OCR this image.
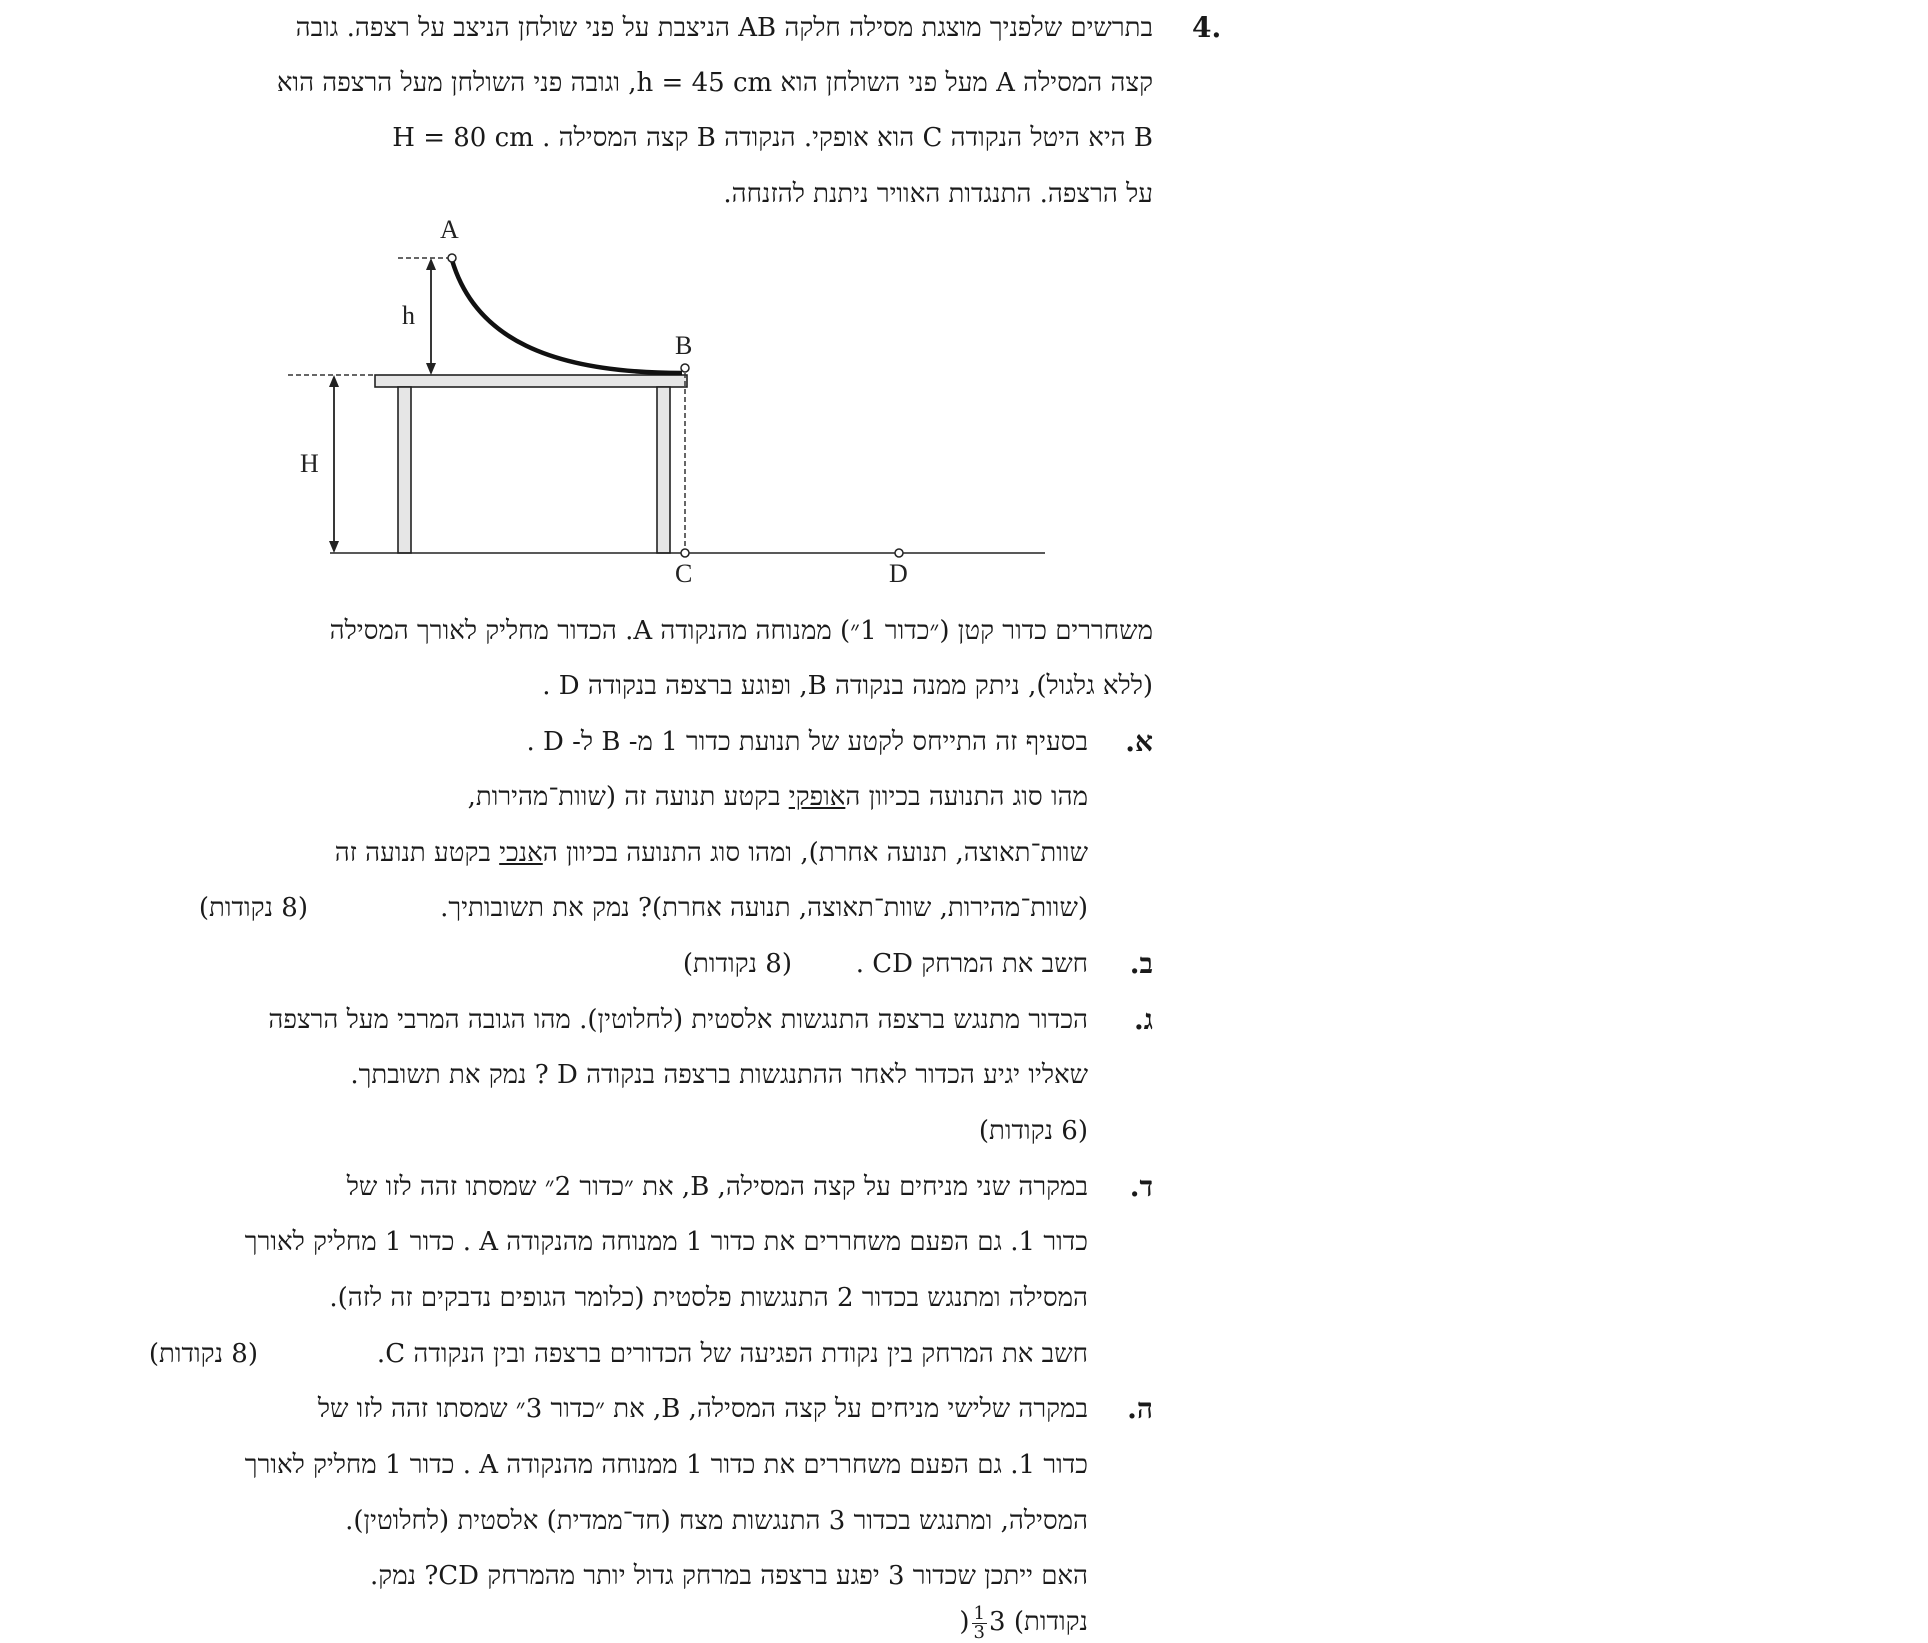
4.
בתרשים שלפניך מוצגת מסילה חלקה AB הניצבת על פני שולחן הניצב על רצפה. גובה
קצה המסילה A מעל פני השולחן הוא h = 45 cm, וגובה פני השולחן מעל הרצפה הוא
H = 80 cm . קצה המסילה B הוא אופקי. הנקודה C היא היטל הנקודה B
על הרצפה. התנגדות האוויר ניתנת להזנחה.
h
H
A
B
C	D
משחררים כדור קטן (״כדור 1״) ממנוחה מהנקודה A. הכדור מחליק לאורך המסילה
(ללא גלגול), ניתק ממנה בנקודה B, ופוגע ברצפה בנקודה D .
א.
בסעיף זה התייחס לקטע של תנועת כדור 1 מ- B ל- D .
מהו סוג התנועה בכיוון האופקי בקטע תנועה זה (שוות־מהירות,
שוות־תאוצה, תנועה אחרת), ומהו סוג התנועה בכיוון האנכי בקטע תנועה זה
(שוות־מהירות, שוות־תאוצה, תנועה אחרת)? נמק את תשובותיך.
(8 נקודות)
ב.
חשב את המרחק CD .
(8 נקודות)
ג.
הכדור מתנגש ברצפה התנגשות אלסטית (לחלוטין). מהו הגובה המרבי מעל הרצפה
שאליו יגיע הכדור לאחר ההתנגשות ברצפה בנקודה D ? נמק את תשובתך.
(6 נקודות)
ד.
במקרה שני מניחים על קצה המסילה, B, את ״כדור 2״ שמסתו זהה לזו של
כדור 1. גם הפעם משחררים את כדור 1 ממנוחה מהנקודה A . כדור 1 מחליק לאורך
המסילה ומתנגש בכדור 2 התנגשות פלסטית (כלומר הגופים נדבקים זה לזה).
חשב את המרחק בין נקודת הפגיעה של הכדורים ברצפה ובין הנקודה C.
(8 נקודות)
ה.
במקרה שלישי מניחים על קצה המסילה, B, את ״כדור 3״ שמסתו זהה לזו של
כדור 1. גם הפעם משחררים את כדור 1 ממנוחה מהנקודה A . כדור 1 מחליק לאורך
המסילה, ומתנגש בכדור 3 התנגשות מצח (חד־ממדית) אלסטית (לחלוטין).
האם ייתכן שכדור 3 יפגע ברצפה במרחק גדול יותר מהמרחק CD? נמק.
נקודות) 3
$\frac{1}{3}$
(
